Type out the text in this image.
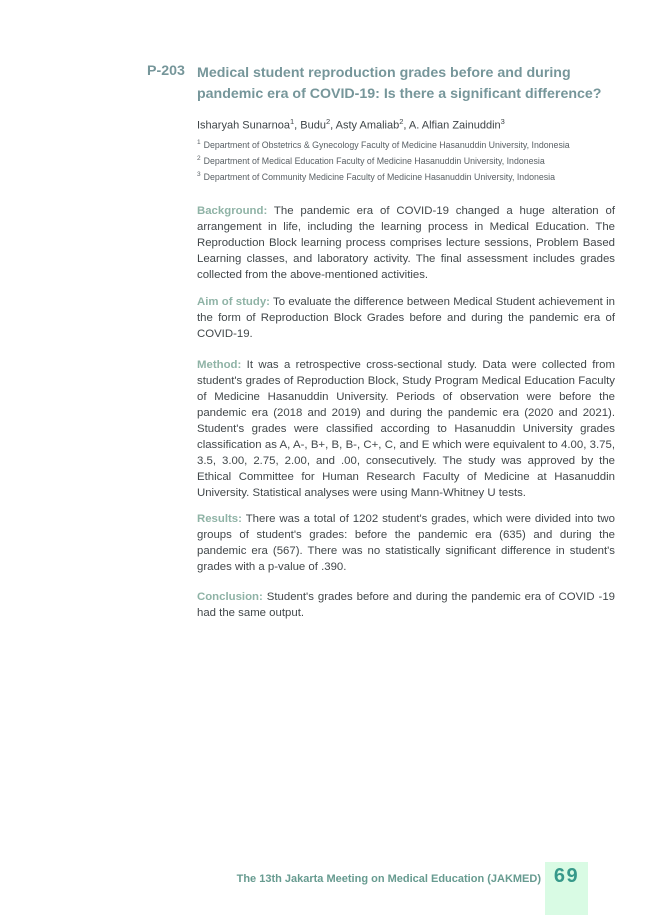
P-203 Medical student reproduction grades before and during pandemic era of COVID-19: Is there a significant difference?
Isharyah Sunarnoa$^1$, Budu$^2$, Asty Amaliab$^2$, A. Alfian Zainuddin$^3$
$^1$ Department of Obstetrics & Gynecology Faculty of Medicine Hasanuddin University, Indonesia
$^2$ Department of Medical Education Faculty of Medicine Hasanuddin University, Indonesia
$^3$ Department of Community Medicine Faculty of Medicine Hasanuddin University, Indonesia

Background: The pandemic era of COVID-19 changed a huge alteration of arrangement in life, including the learning process in Medical Education. The Reproduction Block learning process comprises lecture sessions, Problem Based Learning classes, and laboratory activity. The final assessment includes grades collected from the above-mentioned activities.

Aim of study: To evaluate the difference between Medical Student achievement in the form of Reproduction Block Grades before and during the pandemic era of COVID-19.

Method: It was a retrospective cross-sectional study. Data were collected from student's grades of Reproduction Block, Study Program Medical Education Faculty of Medicine Hasanuddin University. Periods of observation were before the pandemic era (2018 and 2019) and during the pandemic era (2020 and 2021). Student's grades were classified according to Hasanuddin University grades classification as A, A-, B+, B, B-, C+, C, and E which were equivalent to 4.00, 3.75, 3.5, 3.00, 2.75, 2.00, and .00, consecutively. The study was approved by the Ethical Committee for Human Research Faculty of Medicine at Hasanuddin University. Statistical analyses were using Mann-Whitney U tests.

Results: There was a total of 1202 student's grades, which were divided into two groups of student's grades: before the pandemic era (635) and during the pandemic era (567). There was no statistically significant difference in student's grades with a p-value of .390.

Conclusion: Student's grades before and during the pandemic era of COVID -19 had the same output.

The 13th Jakarta Meeting on Medical Education (JAKMED) 69
